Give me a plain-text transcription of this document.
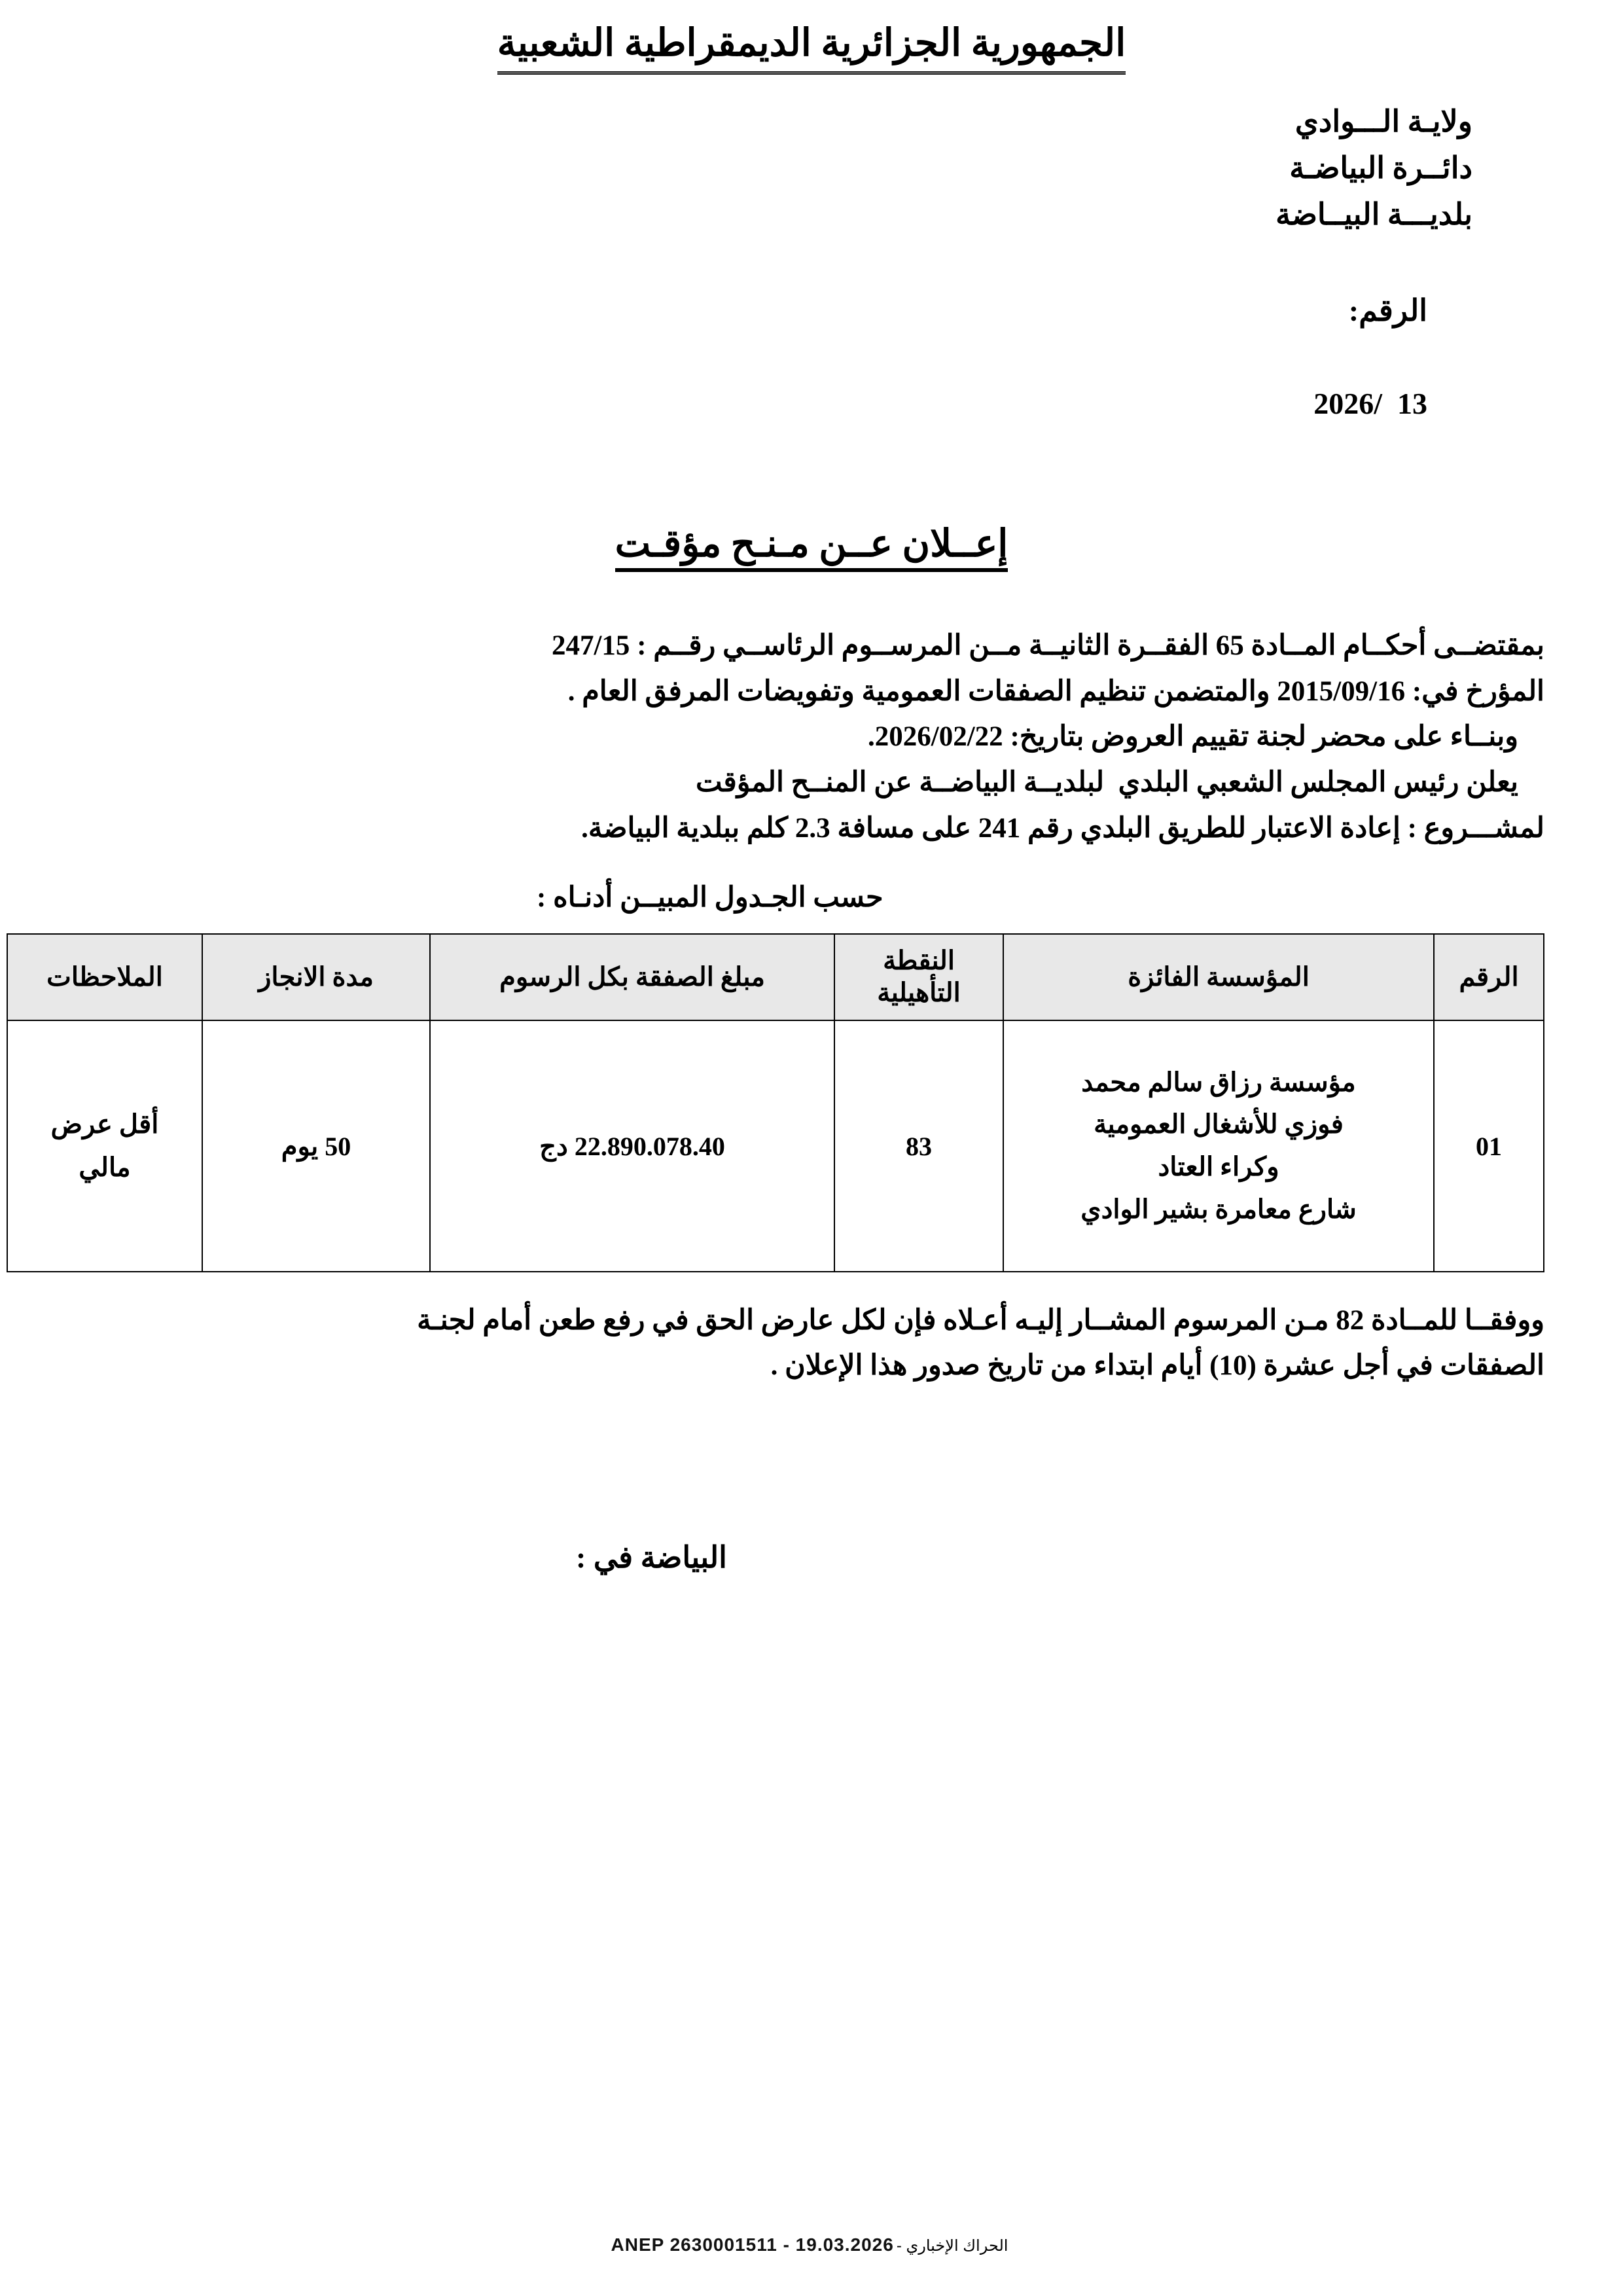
الجمهورية الجزائرية الديمقراطية الشعبية
ولايـة الـــوادي
دائــرة البياضـة
بلديـــة البيــاضة

الرقم:

13  /2026

إعــلان عــن مـنـح مؤقـت
بمقتضــى أحكــام المــادة 65 الفقــرة الثانيــة مــن المرســوم الرئاســي رقــم : 247/15
المؤرخ في: 2015/09/16 والمتضمن تنظيم الصفقات العمومية وتفويضات المرفق العام .
وبنــاء على محضر لجنة تقييم العروض بتاريخ: 2026/02/22.
يعلن رئيس المجلس الشعبي البلدي  لبلديــة البياضــة عن المنــح المؤقت
لمشـــروع : إعادة الاعتبار للطريق البلدي رقم 241 على مسافة 2.3 كلم ببلدية البياضة.
حسب الجـدول المبيــن أدنـاه :
الرقم	المؤسسة الفائزة	النقطة التأهيلية	مبلغ الصفقة بكل الرسوم	مدة الانجاز	الملاحظات
01	مؤسسة رزاق سالم محمد
فوزي للأشغال العمومية
وكراء العتاد
شارع معامرة بشير الوادي	83	22.890.078.40 دج	50 يوم	أقل عرض
مالي
ووفقــا للمــادة 82 مـن المرسوم المشــار إليـه أعـلاه فإن لكل عارض الحق في رفع طعن أمام لجنـة
الصفقات في أجل عشرة (10) أيام ابتداء من تاريخ صدور هذا الإعلان .
البياضة في :
ANEP 2630001511 - 19.03.2026 - الحراك الإخباري
